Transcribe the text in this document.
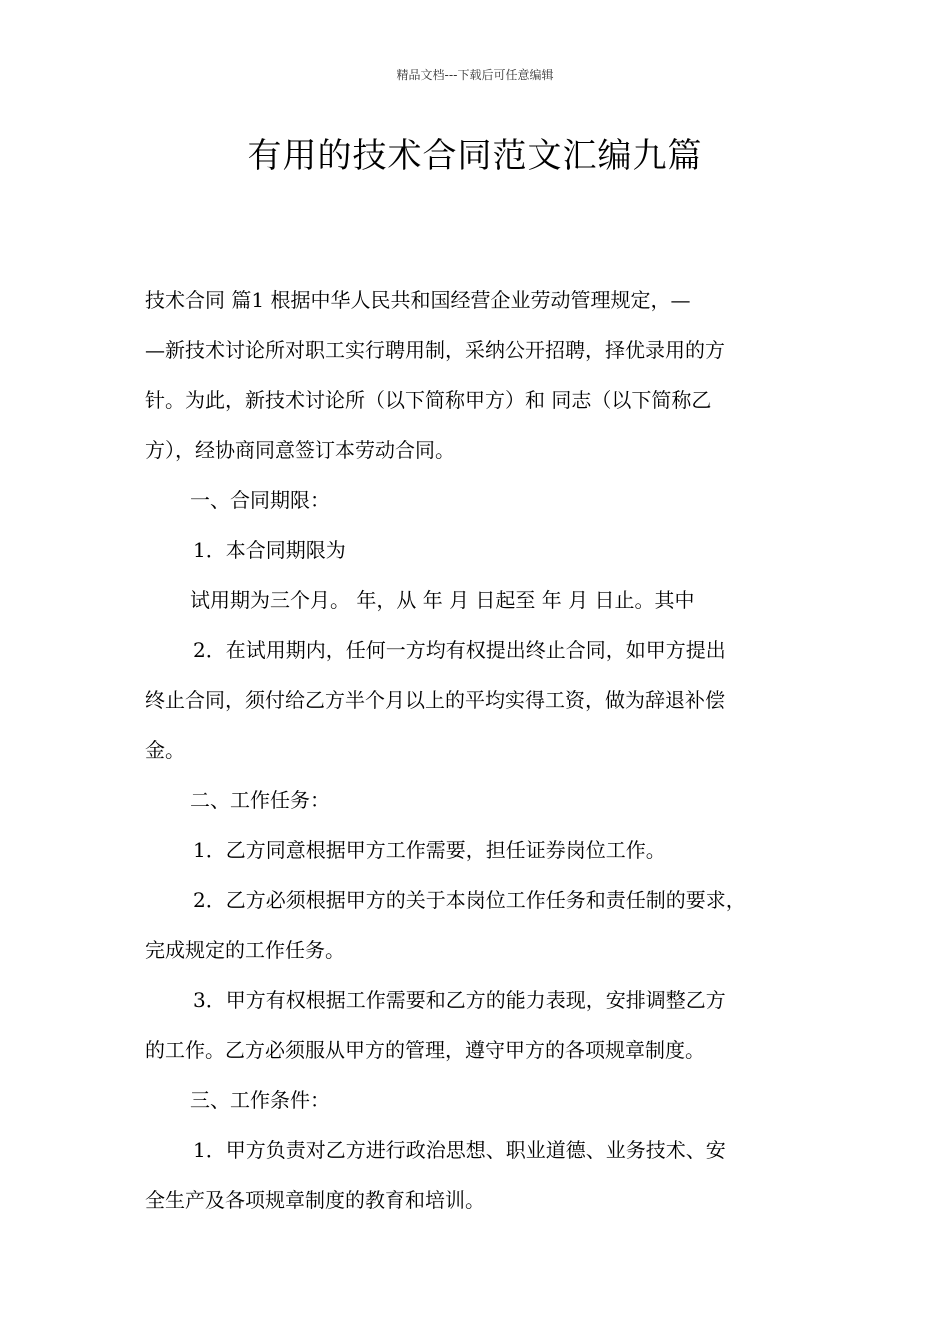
精品文档---下载后可任意编辑
有用的技术合同范文汇编九篇
技术合同 篇1 根据中华人民共和国经营企业劳动管理规定，—
—新技术讨论所对职工实行聘用制，采纳公开招聘，择优录用的方
针。为此，新技术讨论所（以下简称甲方）和 同志（以下简称乙
方），经协商同意签订本劳动合同。
一、合同期限：
1．本合同期限为
试用期为三个月。 年，从 年 月 日起至 年 月 日止。其中
2．在试用期内，任何一方均有权提出终止合同，如甲方提出
终止合同，须付给乙方半个月以上的平均实得工资，做为辞退补偿
金。
二、工作任务：
1．乙方同意根据甲方工作需要，担任证券岗位工作。
2．乙方必须根据甲方的关于本岗位工作任务和责任制的要求，
完成规定的工作任务。
3．甲方有权根据工作需要和乙方的能力表现，安排调整乙方
的工作。乙方必须服从甲方的管理，遵守甲方的各项规章制度。
三、工作条件：
1．甲方负责对乙方进行政治思想、职业道德、业务技术、安
全生产及各项规章制度的教育和培训。
